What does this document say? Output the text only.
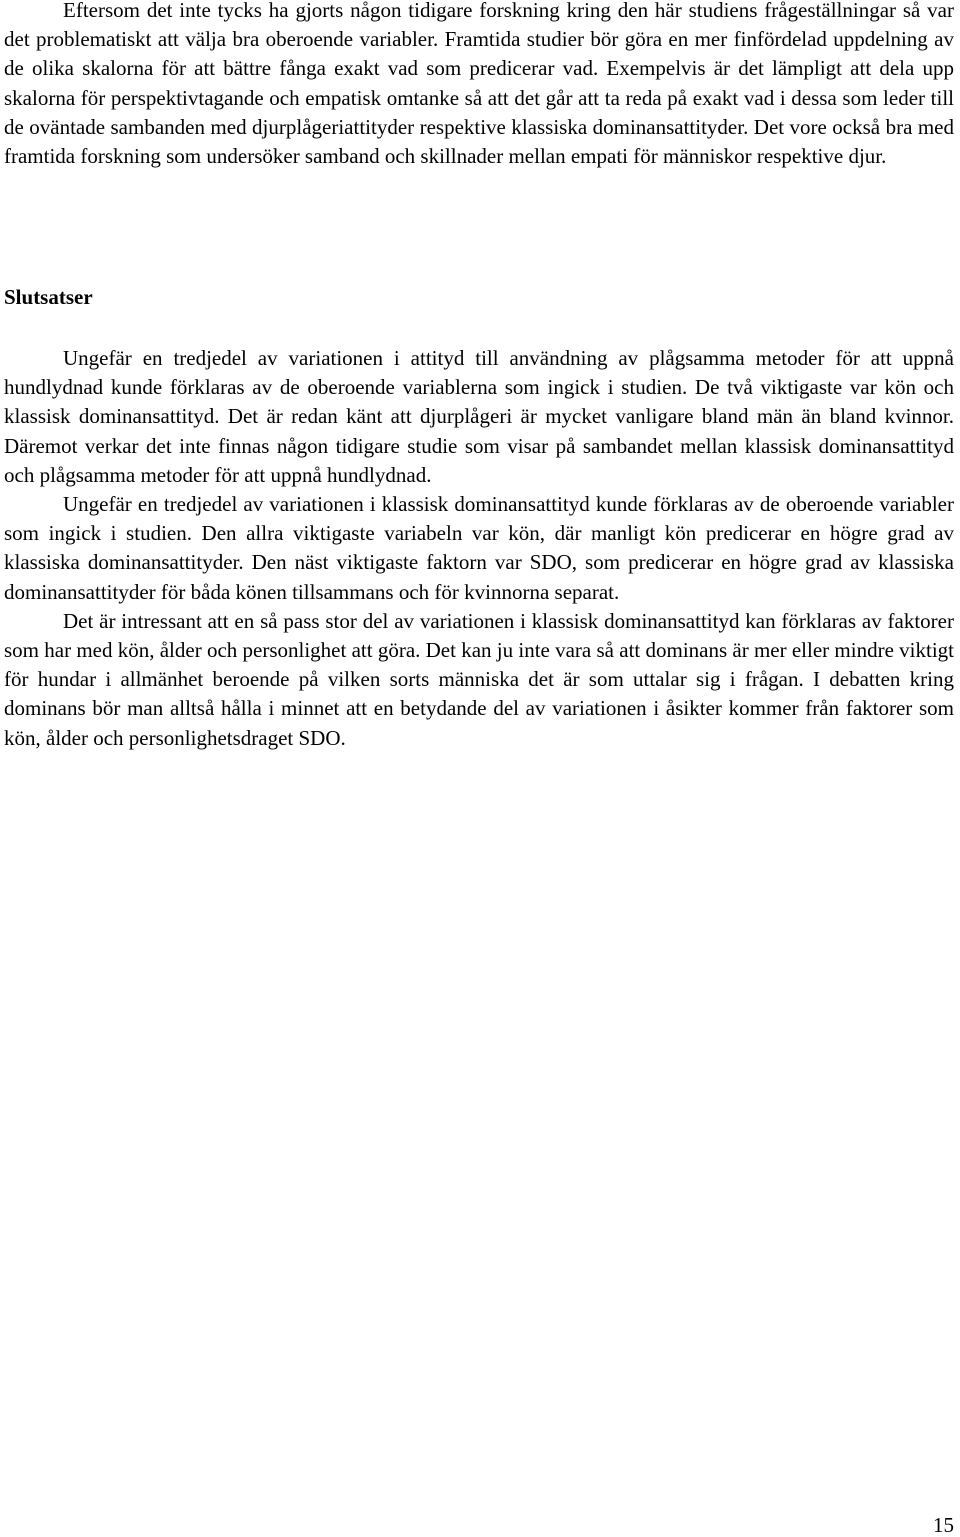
Eftersom det inte tycks ha gjorts någon tidigare forskning kring den här studiens frågeställningar så var det problematiskt att välja bra oberoende variabler. Framtida studier bör göra en mer finfördelad uppdelning av de olika skalorna för att bättre fånga exakt vad som predicerar vad. Exempelvis är det lämpligt att dela upp skalorna för perspektivtagande och empatisk omtanke så att det går att ta reda på exakt vad i dessa som leder till de oväntade sambanden med djurplågeriattityder respektive klassiska dominansattityder. Det vore också bra med framtida forskning som undersöker samband och skillnader mellan empati för människor respektive djur.

Slutsatser

Ungefär en tredjedel av variationen i attityd till användning av plågsamma metoder för att uppnå hundlydnad kunde förklaras av de oberoende variablerna som ingick i studien. De två viktigaste var kön och klassisk dominansattityd. Det är redan känt att djurplågeri är mycket vanligare bland män än bland kvinnor. Däremot verkar det inte finnas någon tidigare studie som visar på sambandet mellan klassisk dominansattityd och plågsamma metoder för att uppnå hundlydnad.

Ungefär en tredjedel av variationen i klassisk dominansattityd kunde förklaras av de oberoende variabler som ingick i studien. Den allra viktigaste variabeln var kön, där manligt kön predicerar en högre grad av klassiska dominansattityder. Den näst viktigaste faktorn var SDO, som predicerar en högre grad av klassiska dominansattityder för båda könen tillsammans och för kvinnorna separat.

Det är intressant att en så pass stor del av variationen i klassisk dominansattityd kan förklaras av faktorer som har med kön, ålder och personlighet att göra. Det kan ju inte vara så att dominans är mer eller mindre viktigt för hundar i allmänhet beroende på vilken sorts människa det är som uttalar sig i frågan. I debatten kring dominans bör man alltså hålla i minnet att en betydande del av variationen i åsikter kommer från faktorer som kön, ålder och personlighetsdraget SDO.

15
